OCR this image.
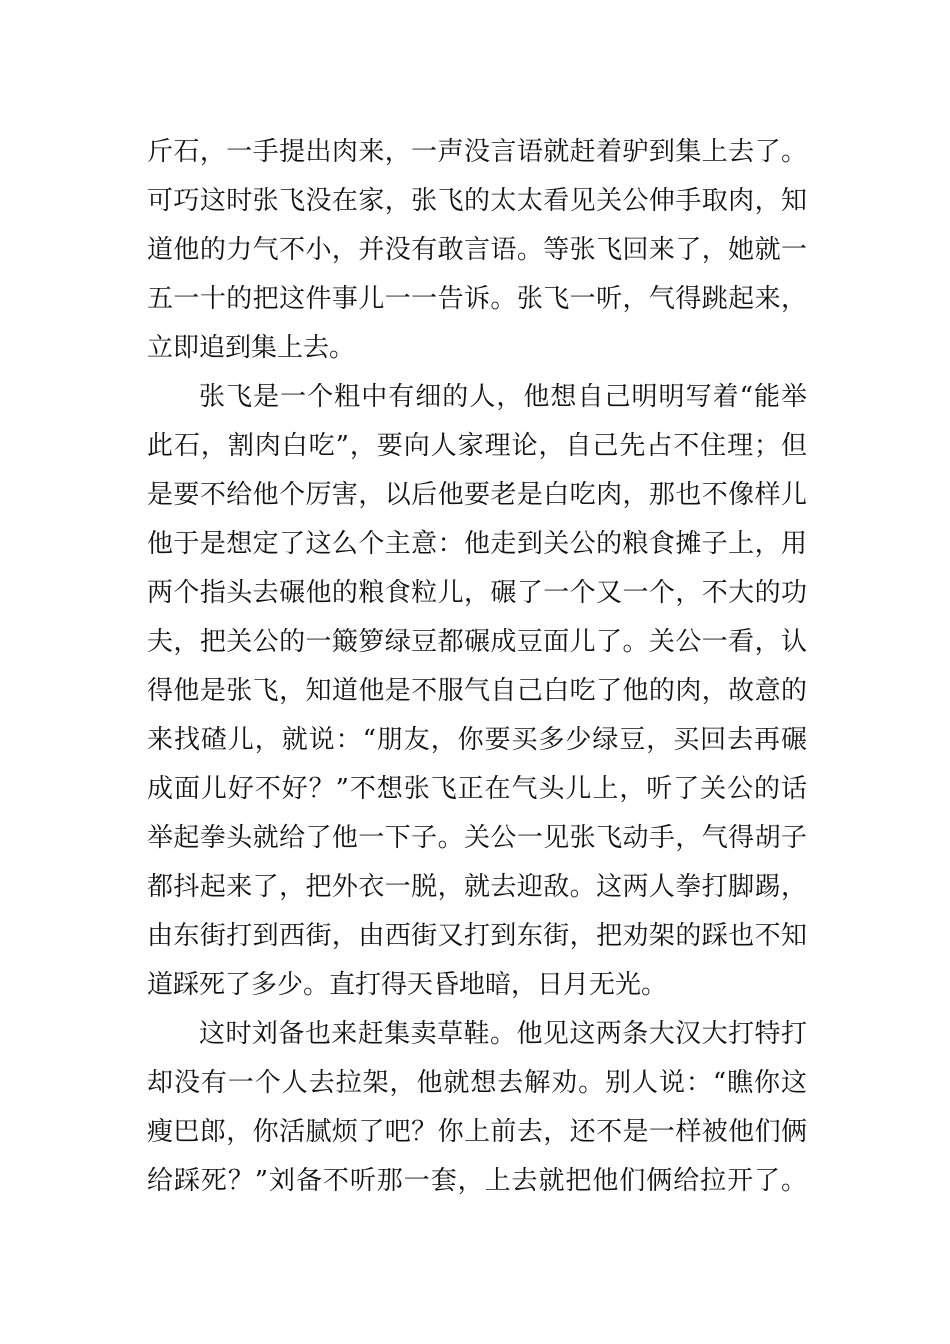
斤石，一手提出肉来，一声没言语就赶着驴到集上去了。
可巧这时张飞没在家，张飞的太太看见关公伸手取肉，知
道他的力气不小，并没有敢言语。等张飞回来了，她就一
五一十的把这件事儿一一告诉。张飞一听，气得跳起来，
立即追到集上去。
张飞是一个粗中有细的人，他想自己明明写着“能举
此石，割肉白吃”，要向人家理论，自己先占不住理；但
是要不给他个厉害，以后他要老是白吃肉，那也不像样儿
他于是想定了这么个主意：他走到关公的粮食摊子上，用
两个指头去碾他的粮食粒儿，碾了一个又一个，不大的功
夫，把关公的一簸箩绿豆都碾成豆面儿了。关公一看，认
得他是张飞，知道他是不服气自己白吃了他的肉，故意的
来找碴儿，就说：“朋友，你要买多少绿豆，买回去再碾
成面儿好不好？”不想张飞正在气头儿上，听了关公的话
举起拳头就给了他一下子。关公一见张飞动手，气得胡子
都抖起来了，把外衣一脱，就去迎敌。这两人拳打脚踢，
由东街打到西街，由西街又打到东街，把劝架的踩也不知
道踩死了多少。直打得天昏地暗，日月无光。
这时刘备也来赶集卖草鞋。他见这两条大汉大打特打
却没有一个人去拉架，他就想去解劝。别人说：“瞧你这
瘦巴郎，你活腻烦了吧？你上前去，还不是一样被他们俩
给踩死？”刘备不听那一套，上去就把他们俩给拉开了。
